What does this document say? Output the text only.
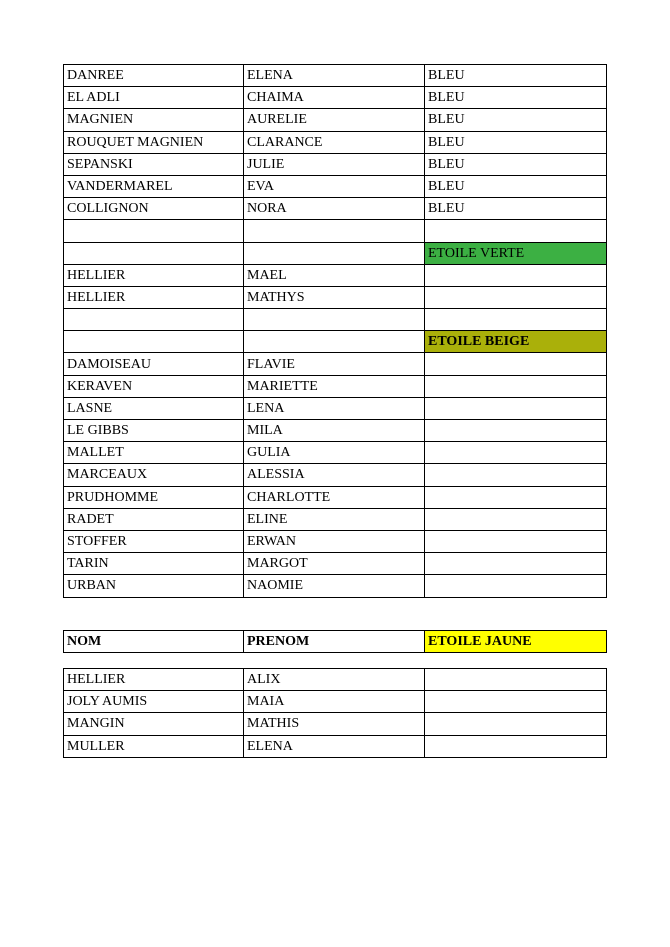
DANREE	ELENA	BLEU
EL ADLI	CHAIMA	BLEU
MAGNIEN	AURELIE	BLEU
ROUQUET MAGNIEN	CLARANCE	BLEU
SEPANSKI	JULIE	BLEU
VANDERMAREL	EVA	BLEU
COLLIGNON	NORA	BLEU

		ETOILE VERTE
HELLIER	MAEL	
HELLIER	MATHYS	

		ETOILE BEIGE
DAMOISEAU	FLAVIE	
KERAVEN	MARIETTE	
LASNE	LENA	
LE GIBBS	MILA	
MALLET	GULIA	
MARCEAUX	ALESSIA	
PRUDHOMME	CHARLOTTE	
RADET	ELINE	
STOFFER	ERWAN	
TARIN	MARGOT	
URBAN	NAOMIE	
NOM	PRENOM	ETOILE JAUNE
HELLIER	ALIX	
JOLY AUMIS	MAIA	
MANGIN	MATHIS	
MULLER	ELENA	
